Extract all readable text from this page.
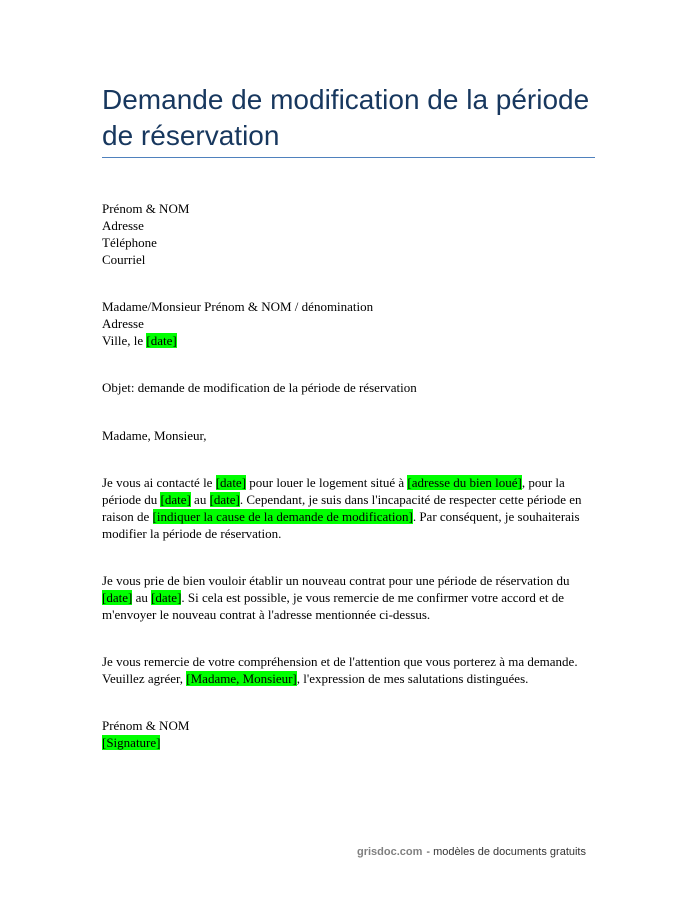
Demande de modification de la période de réservation
Prénom & NOM
Adresse
Téléphone
Courriel
Madame/Monsieur Prénom & NOM / dénomination
Adresse
Ville, le [date]

Objet: demande de modification de la période de réservation

Madame, Monsieur,

Je vous ai contacté le [date] pour louer le logement situé à [adresse du bien loué], pour la période du [date] au [date]. Cependant, je suis dans l'incapacité de respecter cette période en raison de [indiquer la cause de la demande de modification]. Par conséquent, je souhaiterais modifier la période de réservation.

Je vous prie de bien vouloir établir un nouveau contrat pour une période de réservation du [date] au [date]. Si cela est possible, je vous remercie de me confirmer votre accord et de m'envoyer le nouveau contrat à l'adresse mentionnée ci-dessus.

Je vous remercie de votre compréhension et de l'attention que vous porterez à ma demande. Veuillez agréer, [Madame, Monsieur], l'expression de mes salutations distinguées.

Prénom & NOM
[Signature]
grisdoc.com - modèles de documents gratuits
